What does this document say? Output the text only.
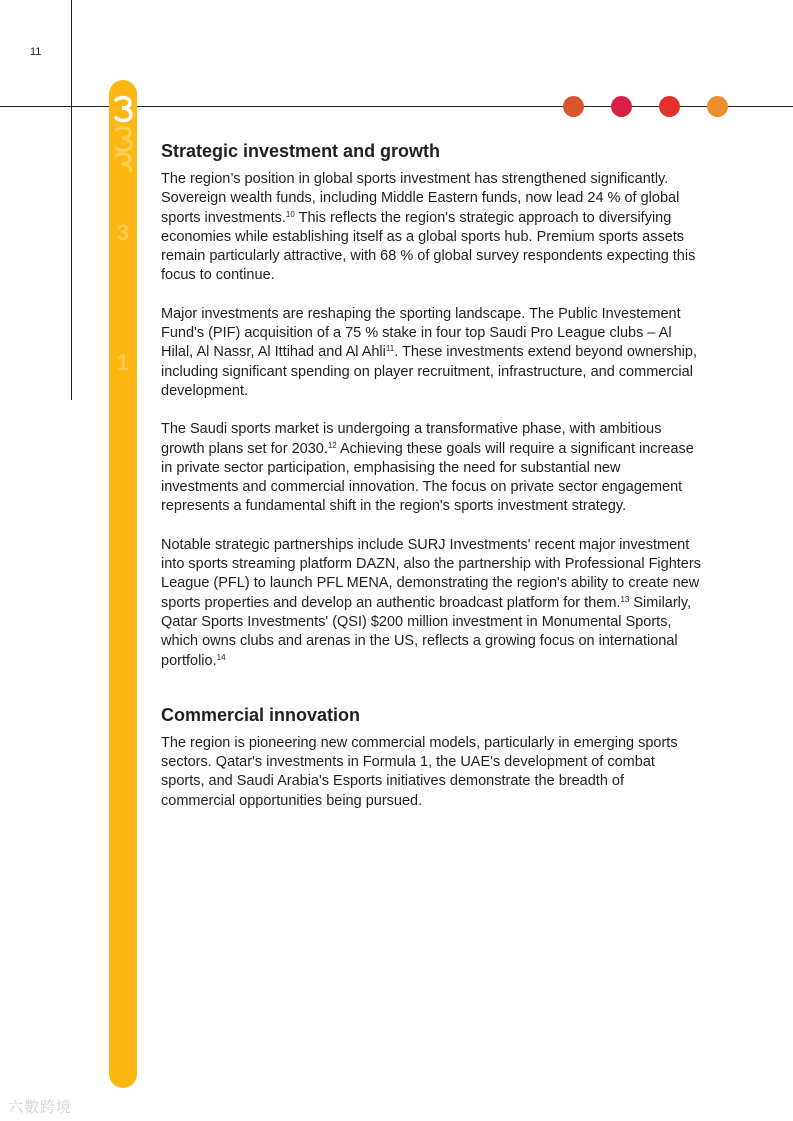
11
3
1
Strategic investment and growth

The region’s position in global sports investment has strengthened significantly. Sovereign wealth funds, including Middle Eastern funds, now lead 24 % of global sports investments.$^{10}$ This reflects the region's strategic approach to diversifying economies while establishing itself as a global sports hub. Premium sports assets remain particularly attractive, with 68 % of global survey respondents expecting this focus to continue.

Major investments are reshaping the sporting landscape. The Public Investement Fund's (PIF) acquisition of a 75 % stake in four top Saudi Pro League clubs – Al Hilal, Al Nassr, Al Ittihad and Al Ahli$^{11}$. These investments extend beyond ownership, including significant spending on player recruitment, infrastructure, and commercial development.

The Saudi sports market is undergoing a transformative phase, with ambitious growth plans set for 2030.12 Achieving these goals will require a significant increase in private sector participation, emphasising the need for substantial new investments and commercial innovation. The focus on private sector engagement represents a fundamental shift in the region's sports investment strategy.

Notable strategic partnerships include SURJ Investments' recent major investment into sports streaming platform DAZN, also the partnership with Professional Fighters League (PFL) to launch PFL MENA, demonstrating the region's ability to create new sports properties and develop an authentic broadcast platform for them.$^{13}$ Similarly, Qatar Sports Investments' (QSI) $200 million investment in Monumental Sports, which owns clubs and arenas in the US, reflects a growing focus on international portfolio.$^{14}$

Commercial innovation

The region is pioneering new commercial models, particularly in emerging sports sectors. Qatar's investments in Formula 1, the UAE's development of combat sports, and Saudi Arabia's Esports initiatives demonstrate the breadth of commercial opportunities being pursued.

六數跨境
